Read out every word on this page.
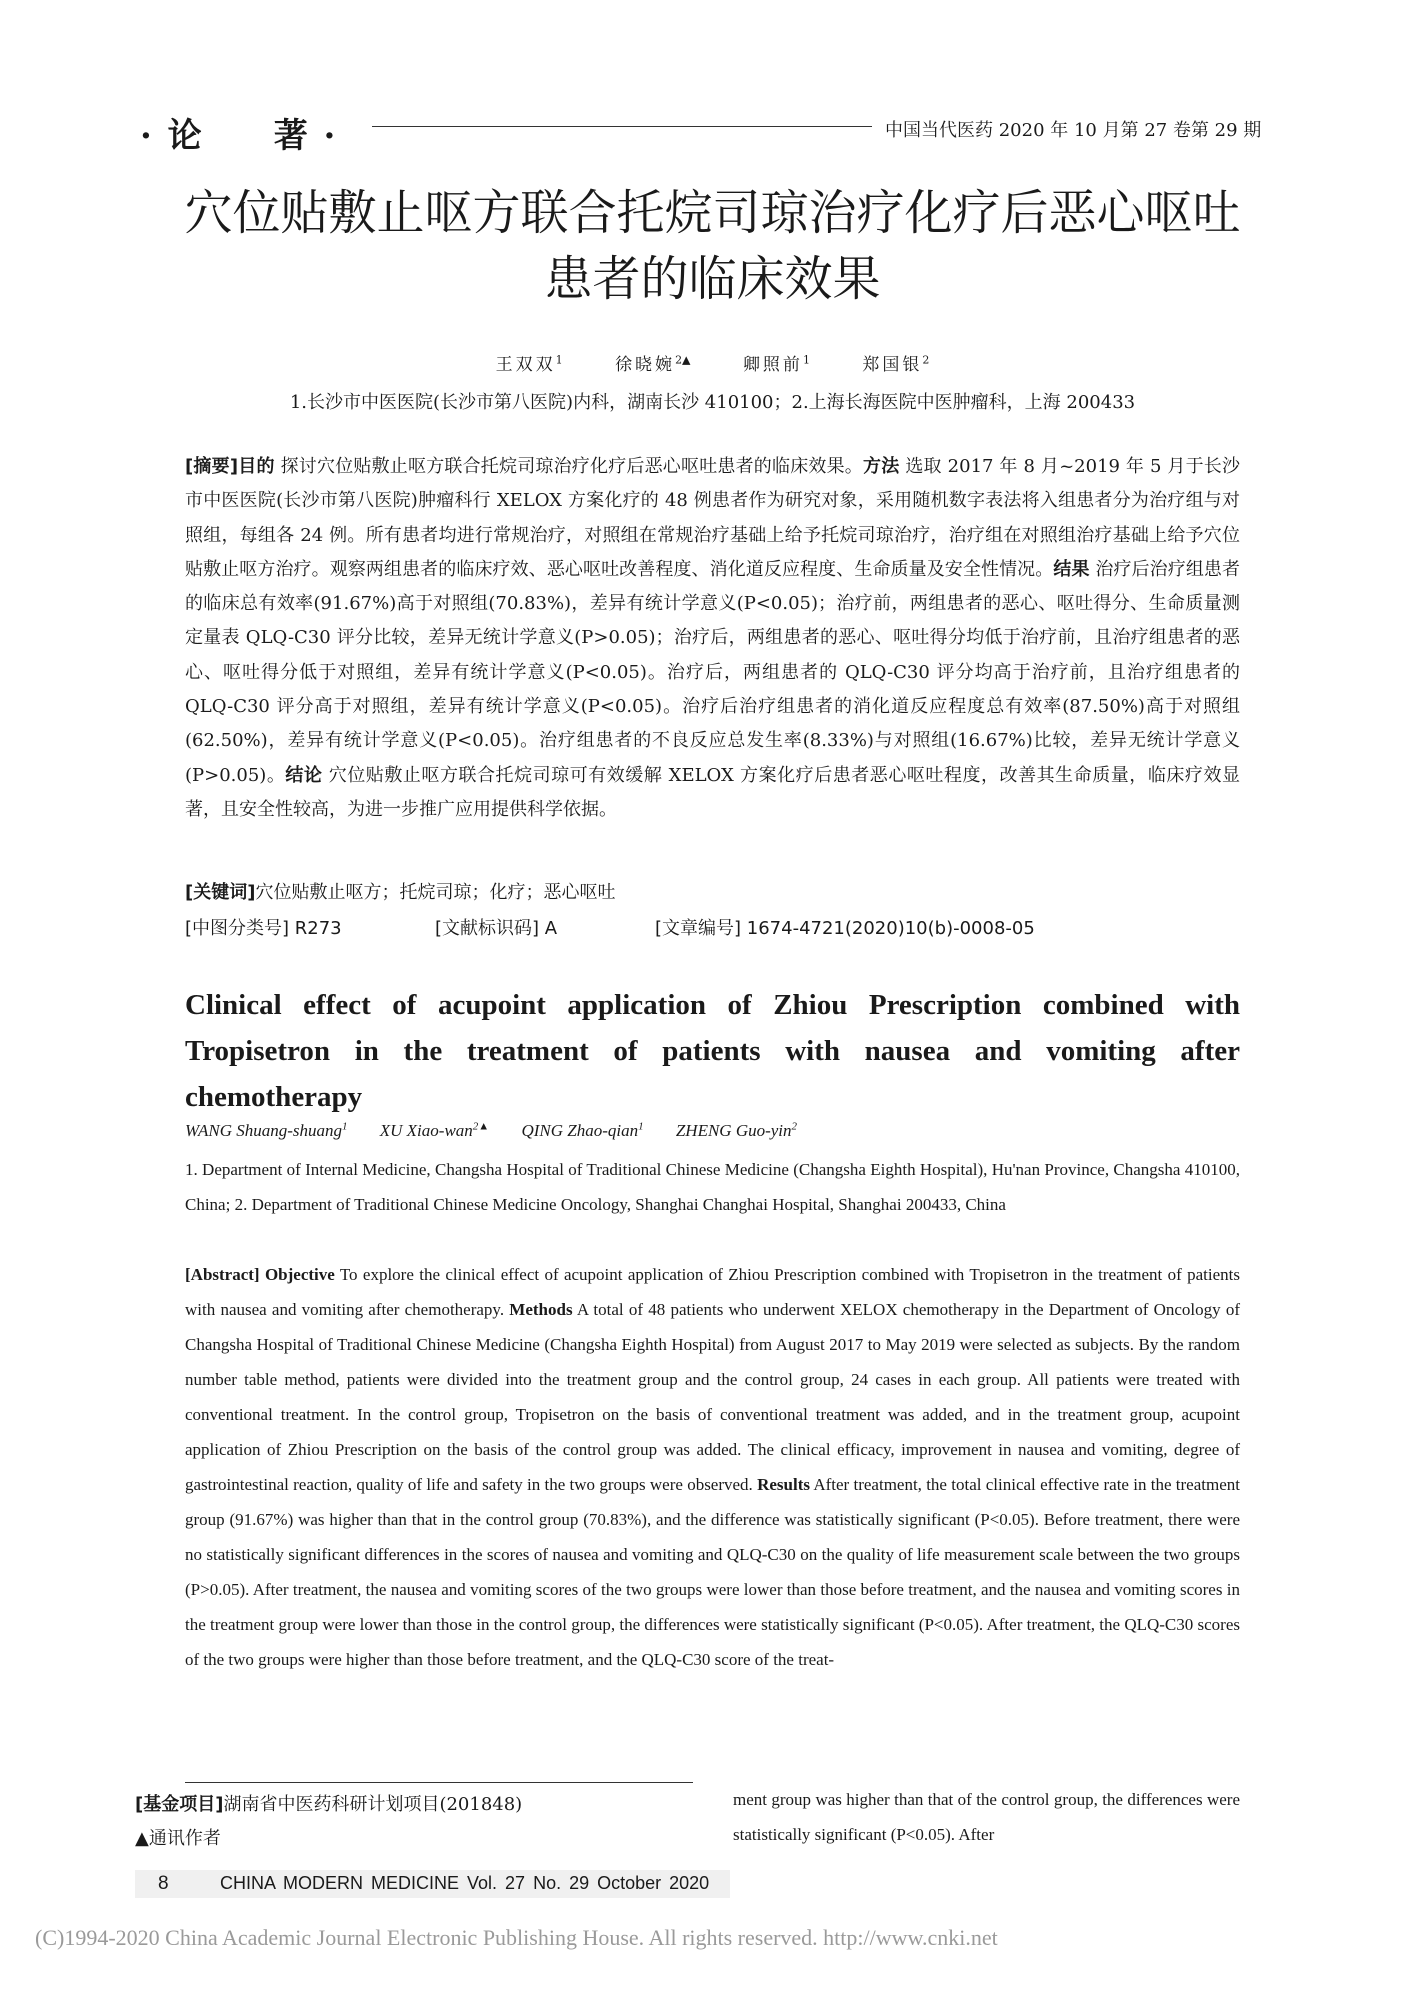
· 论 著 ·	中国当代医药 2020 年 10 月第 27 卷第 29 期
穴位贴敷止呕方联合托烷司琼治疗化疗后恶心呕吐
患者的临床效果
王双双$^1$	徐晓婉$^{2▲}$	卿照前$^1$	郑国银$^2$
1.长沙市中医医院(长沙市第八医院)内科，湖南长沙 410100；2.上海长海医院中医肿瘤科，上海 200433
[摘要]目的 探讨穴位贴敷止呕方联合托烷司琼治疗化疗后恶心呕吐患者的临床效果。方法 选取 2017 年 8 月~2019 年 5 月于长沙市中医医院(长沙市第八医院)肿瘤科行 XELOX 方案化疗的 48 例患者作为研究对象，采用随机数字表法将入组患者分为治疗组与对照组，每组各 24 例。所有患者均进行常规治疗，对照组在常规治疗基础上给予托烷司琼治疗，治疗组在对照组治疗基础上给予穴位贴敷止呕方治疗。观察两组患者的临床疗效、恶心呕吐改善程度、消化道反应程度、生命质量及安全性情况。结果 治疗后治疗组患者的临床总有效率(91.67%)高于对照组(70.83%)，差异有统计学意义(P<0.05)；治疗前，两组患者的恶心、呕吐得分、生命质量测定量表 QLQ-C30 评分比较，差异无统计学意义(P>0.05)；治疗后，两组患者的恶心、呕吐得分均低于治疗前，且治疗组患者的恶心、呕吐得分低于对照组，差异有统计学意义(P<0.05)。治疗后，两组患者的 QLQ-C30 评分均高于治疗前，且治疗组患者的 QLQ-C30 评分高于对照组，差异有统计学意义(P<0.05)。治疗后治疗组患者的消化道反应程度总有效率(87.50%)高于对照组(62.50%)，差异有统计学意义(P<0.05)。治疗组患者的不良反应总发生率(8.33%)与对照组(16.67%)比较，差异无统计学意义(P>0.05)。结论 穴位贴敷止呕方联合托烷司琼可有效缓解 XELOX 方案化疗后患者恶心呕吐程度，改善其生命质量，临床疗效显著，且安全性较高，为进一步推广应用提供科学依据。
[关键词]穴位贴敷止呕方；托烷司琼；化疗；恶心呕吐
[中图分类号] R273	[文献标识码] A	[文章编号] 1674-4721(2020)10(b)-0008-05
Clinical effect of acupoint application of Zhiou Prescription combined with Tropisetron in the treatment of patients with nausea and vomiting after chemotherapy
WANG Shuang-shuang$^1$ XU Xiao-wan$^{2▲}$ QING Zhao-qian$^1$ ZHENG Guo-yin$^2$
1. Department of Internal Medicine, Changsha Hospital of Traditional Chinese Medicine (Changsha Eighth Hospital), Hu'nan Province, Changsha 410100, China; 2. Department of Traditional Chinese Medicine Oncology, Shanghai Changhai Hospital, Shanghai 200433, China
[Abstract] Objective To explore the clinical effect of acupoint application of Zhiou Prescription combined with Tropisetron in the treatment of patients with nausea and vomiting after chemotherapy. Methods A total of 48 patients who underwent XELOX chemotherapy in the Department of Oncology of Changsha Hospital of Traditional Chinese Medicine (Changsha Eighth Hospital) from August 2017 to May 2019 were selected as subjects. By the random number table method, patients were divided into the treatment group and the control group, 24 cases in each group. All patients were treated with conventional treatment. In the control group, Tropisetron on the basis of conventional treatment was added, and in the treatment group, acupoint application of Zhiou Prescription on the basis of the control group was added. The clinical efficacy, improvement in nausea and vomiting, degree of gastrointestinal reaction, quality of life and safety in the two groups were observed. Results After treatment, the total clinical effective rate in the treatment group (91.67%) was higher than that in the control group (70.83%), and the difference was statistically significant (P<0.05). Before treatment, there were no statistically significant differences in the scores of nausea and vomiting and QLQ-C30 on the quality of life measurement scale between the two groups (P>0.05). After treatment, the nausea and vomiting scores of the two groups were lower than those before treatment, and the nausea and vomiting scores in the treatment group were lower than those in the control group, the differences were statistically significant (P<0.05). After treatment, the QLQ-C30 scores of the two groups were higher than those before treatment, and the QLQ-C30 score of the treat-
ment group was higher than that of the control group, the differences were statistically significant (P<0.05). After
[基金项目]湖南省中医药科研计划项目(201848)
▲通讯作者
8	CHINA MODERN MEDICINE Vol. 27 No. 29 October 2020
(C)1994-2020 China Academic Journal Electronic Publishing House. All rights reserved. http://www.cnki.net
